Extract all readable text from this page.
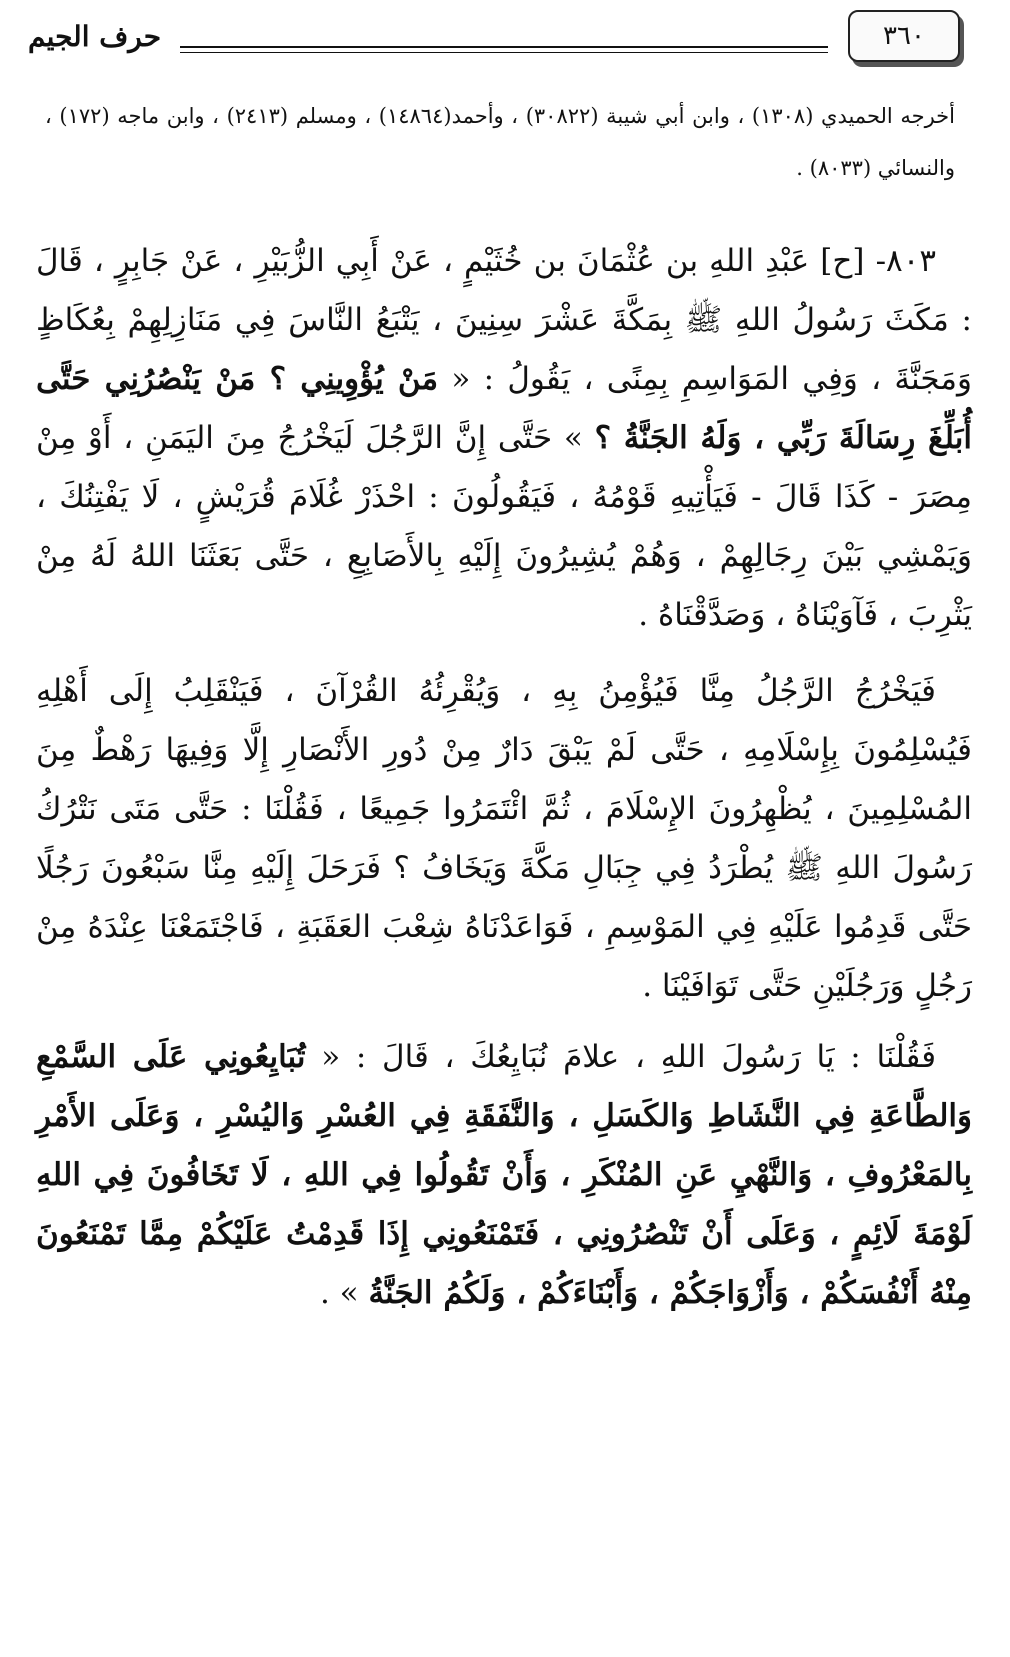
٣٦٠
حرف الجيم
أخرجه الحميدي (١٣٠٨) ، وابن أبي شيبة (٣٠٨٢٢) ، وأحمد(١٤٨٦٤) ، ومسلم (٢٤١٣) ، وابن ماجه (١٧٢) ، والنسائي (٨٠٣٣) .
٨٠٣- [ح] عَبْدِ اللهِ بن عُثْمَانَ بن خُثَيْمٍ ، عَنْ أَبِي الزُّبَيْرِ ، عَنْ جَابِرٍ ، قَالَ : مَكَثَ رَسُولُ اللهِ ﷺ بِمَكَّةَ عَشْرَ سِنِينَ ، يَتْبَعُ النَّاسَ فِي مَنَازِلِهِمْ بِعُكَاظٍ وَمَجَنَّةَ ، وَفِي المَوَاسِمِ بِمِنًى ، يَقُولُ : « مَنْ يُؤْوِينِي ؟ مَنْ يَنْصُرُنِي حَتَّى أُبَلِّغَ رِسَالَةَ رَبِّي ، وَلَهُ الجَنَّةُ ؟ » حَتَّى إِنَّ الرَّجُلَ لَيَخْرُجُ مِنَ اليَمَنِ ، أَوْ مِنْ مِصَرَ - كَذَا قَالَ - فَيَأْتِيهِ قَوْمُهُ ، فَيَقُولُونَ : احْذَرْ غُلَامَ قُرَيْشٍ ، لَا يَفْتِنُكَ ، وَيَمْشِي بَيْنَ رِجَالِهِمْ ، وَهُمْ يُشِيرُونَ إِلَيْهِ بِالأَصَابِعِ ، حَتَّى بَعَثَنَا اللهُ لَهُ مِنْ يَثْرِبَ ، فَآوَيْنَاهُ ، وَصَدَّقْنَاهُ .
فَيَخْرُجُ الرَّجُلُ مِنَّا فَيُؤْمِنُ بِهِ ، وَيُقْرِئُهُ القُرْآنَ ، فَيَنْقَلِبُ إِلَى أَهْلِهِ فَيُسْلِمُونَ بِإِسْلَامِهِ ، حَتَّى لَمْ يَبْقَ دَارٌ مِنْ دُورِ الأَنْصَارِ إِلَّا وَفِيهَا رَهْطٌ مِنَ المُسْلِمِينَ ، يُظْهِرُونَ الإِسْلَامَ ، ثُمَّ ائْتَمَرُوا جَمِيعًا ، فَقُلْنَا : حَتَّى مَتَى نَتْرُكُ رَسُولَ اللهِ ﷺ يُطْرَدُ فِي جِبَالِ مَكَّةَ وَيَخَافُ ؟ فَرَحَلَ إِلَيْهِ مِنَّا سَبْعُونَ رَجُلًا حَتَّى قَدِمُوا عَلَيْهِ فِي المَوْسِمِ ، فَوَاعَدْنَاهُ شِعْبَ العَقَبَةِ ، فَاجْتَمَعْنَا عِنْدَهُ مِنْ رَجُلٍ وَرَجُلَيْنِ حَتَّى تَوَافَيْنَا .
فَقُلْنَا : يَا رَسُولَ اللهِ ، علامَ نُبَايِعُكَ ، قَالَ : « تُبَايِعُونِي عَلَى السَّمْعِ وَالطَّاعَةِ فِي النَّشَاطِ وَالكَسَلِ ، وَالنَّفَقَةِ فِي العُسْرِ وَاليُسْرِ ، وَعَلَى الأَمْرِ بِالمَعْرُوفِ ، وَالنَّهْيِ عَنِ المُنْكَرِ ، وَأَنْ تَقُولُوا فِي اللهِ ، لَا تَخَافُونَ فِي اللهِ لَوْمَةَ لَائِمٍ ، وَعَلَى أَنْ تَنْصُرُونِي ، فَتَمْنَعُونِي إِذَا قَدِمْتُ عَلَيْكُمْ مِمَّا تَمْنَعُونَ مِنْهُ أَنْفُسَكُمْ ، وَأَزْوَاجَكُمْ ، وَأَبْنَاءَكُمْ ، وَلَكُمُ الجَنَّةُ » .
